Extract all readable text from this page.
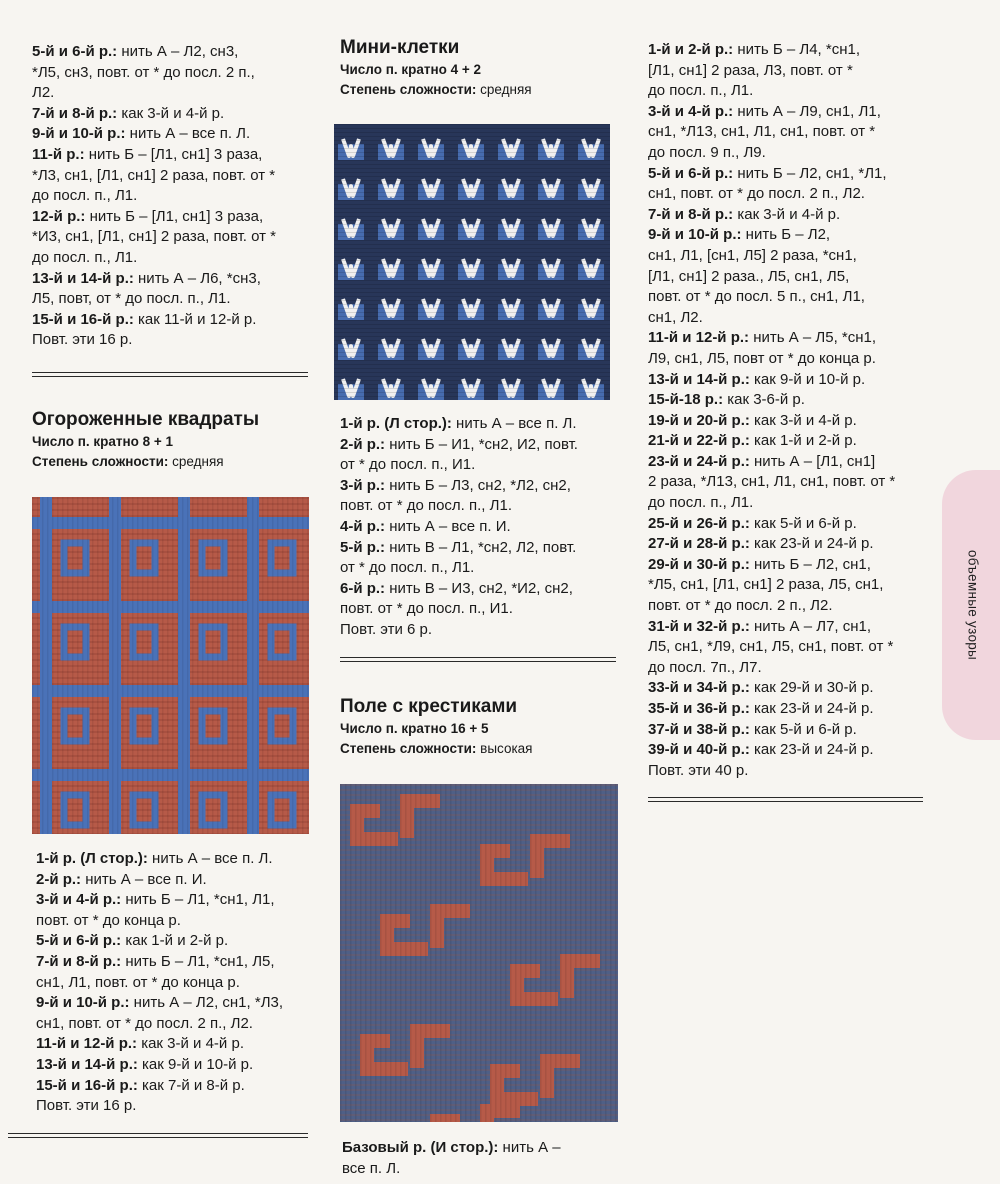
5-й и 6-й р.: нить А – Л2, сн3,
*Л5, сн3, повт. от * до посл. 2 п.,
Л2.
7-й и 8-й р.: как 3-й и 4-й р.
9-й и 10-й р.: нить А – все п. Л.
11-й р.: нить Б – [Л1, сн1] 3 раза,
*Л3, сн1, [Л1, сн1] 2 раза, повт. от *
до посл. п., Л1.
12-й р.: нить Б – [Л1, сн1] 3 раза,
*И3, сн1, [Л1, сн1] 2 раза, повт. от *
до посл. п., Л1.
13-й и 14-й р.: нить А – Л6, *сн3,
Л5, повт, от * до посл. п., Л1.
15-й и 16-й р.: как 11-й и 12-й р.
Повт. эти 16 р.
Огороженные квадраты
Число п. кратно 8 + 1
Степень сложности: средняя
1-й р. (Л стор.): нить А – все п. Л.
2-й р.: нить А – все п. И.
3-й и 4-й р.: нить Б – Л1, *сн1, Л1,
повт. от * до конца р.
5-й и 6-й р.: как 1-й и 2-й р.
7-й и 8-й р.: нить Б – Л1, *сн1, Л5,
сн1, Л1, повт. от * до конца р.
9-й и 10-й р.: нить А – Л2, сн1, *Л3,
сн1, повт. от * до посл. 2 п., Л2.
11-й и 12-й р.: как 3-й и 4-й р.
13-й и 14-й р.: как 9-й и 10-й р.
15-й и 16-й р.: как 7-й и 8-й р.
Повт. эти 16 р.
Мини-клетки
Число п. кратно 4 + 2
Степень сложности: средняя
1-й р. (Л стор.): нить А – все п. Л.
2-й р.: нить Б – И1, *сн2, И2, повт.
от * до посл. п., И1.
3-й р.: нить Б – Л3, сн2, *Л2, сн2,
повт. от * до посл. п., Л1.
4-й р.: нить А – все п. И.
5-й р.: нить В – Л1, *сн2, Л2, повт.
от * до посл. п., Л1.
6-й р.: нить В – И3, сн2, *И2, сн2,
повт. от * до посл. п., И1.
Повт. эти 6 р.
Поле с крестиками
Число п. кратно 16 + 5
Степень сложности: высокая
Базовый р. (И стор.): нить А –
все п. Л.
1-й и 2-й р.: нить Б – Л4, *сн1,
[Л1, сн1] 2 раза, Л3, повт. от *
до посл. п., Л1.
3-й и 4-й р.: нить А – Л9, сн1, Л1,
сн1, *Л13, сн1, Л1, сн1, повт. от *
до посл. 9 п., Л9.
5-й и 6-й р.: нить Б – Л2, сн1, *Л1,
сн1, повт. от * до посл. 2 п., Л2.
7-й и 8-й р.: как 3-й и 4-й р.
9-й и 10-й р.: нить Б – Л2,
сн1, Л1, [сн1, Л5] 2 раза, *сн1,
[Л1, сн1] 2 раза., Л5, сн1, Л5,
повт. от * до посл. 5 п., сн1, Л1,
сн1, Л2.
11-й и 12-й р.: нить А – Л5, *сн1,
Л9, сн1, Л5, повт от * до конца р.
13-й и 14-й р.: как 9-й и 10-й р.
15-й-18 р.: как 3-6-й р.
19-й и 20-й р.: как 3-й и 4-й р.
21-й и 22-й р.: как 1-й и 2-й р.
23-й и 24-й р.: нить А – [Л1, сн1]
2 раза, *Л13, сн1, Л1, сн1, повт. от *
до посл. п., Л1.
25-й и 26-й р.: как 5-й и 6-й р.
27-й и 28-й р.: как 23-й и 24-й р.
29-й и 30-й р.: нить Б – Л2, сн1,
*Л5, сн1, [Л1, сн1] 2 раза, Л5, сн1,
повт. от * до посл. 2 п., Л2.
31-й и 32-й р.: нить А – Л7, сн1,
Л5, сн1, *Л9, сн1, Л5, сн1, повт. от *
до посл. 7п., Л7.
33-й и 34-й р.: как 29-й и 30-й р.
35-й и 36-й р.: как 23-й и 24-й р.
37-й и 38-й р.: как 5-й и 6-й р.
39-й и 40-й р.: как 23-й и 24-й р.
Повт. эти 40 р.
объемные узоры
